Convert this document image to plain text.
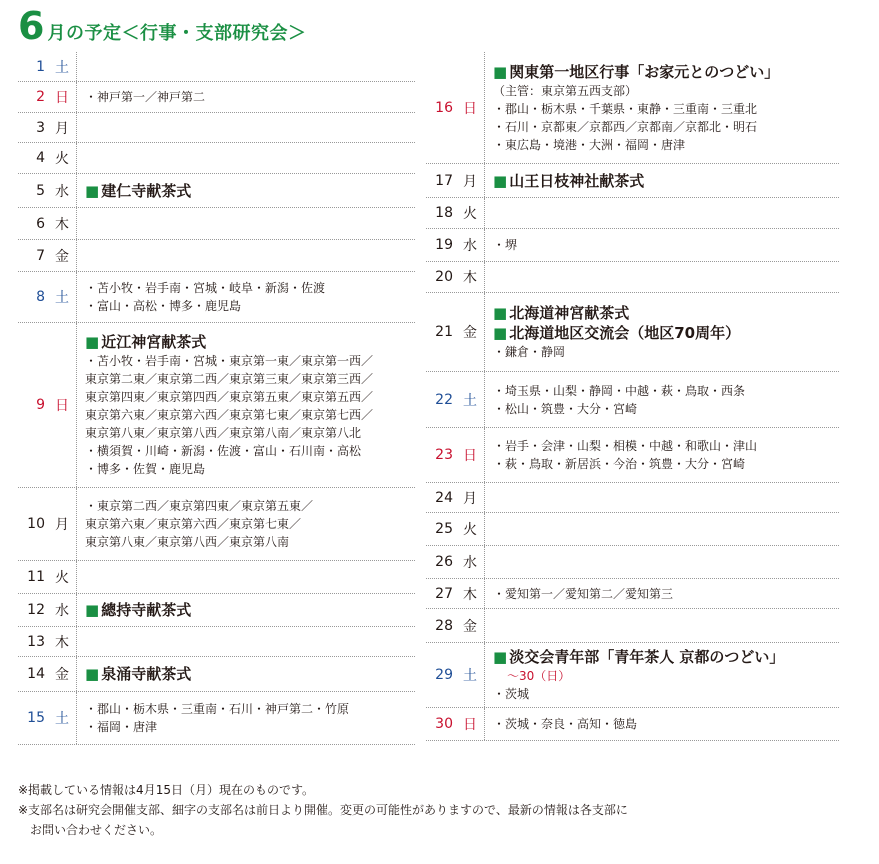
6 月の予定＜行事・支部研究会＞
1 土
2 日 ・神戸第一／神戸第二
3 月
4 火
5 水 ■ 建仁寺献茶式
6 木
7 金
8 土
・苫小牧・岩手南・宮城・岐阜・新潟・佐渡
・富山・高松・博多・鹿児島
9 日
■ 近江神宮献茶式
・苫小牧・岩手南・宮城・東京第一東／東京第一西／
東京第二東／東京第二西／東京第三東／東京第三西／
東京第四東／東京第四西／東京第五東／東京第五西／
東京第六東／東京第六西／東京第七東／東京第七西／
東京第八東／東京第八西／東京第八南／東京第八北
・横須賀・川崎・新潟・佐渡・富山・石川南・高松
・博多・佐賀・鹿児島
10 月
・東京第二西／東京第四東／東京第五東／
東京第六東／東京第六西／東京第七東／
東京第八東／東京第八西／東京第八南
11 火
12 水 ■ 總持寺献茶式
13 木
14 金 ■ 泉涌寺献茶式
15 土
・郡山・栃木県・三重南・石川・神戸第二・竹原
・福岡・唐津
16 日
■ 関東第一地区行事「お家元とのつどい」
（主管：東京第五西支部）
・郡山・栃木県・千葉県・東静・三重南・三重北
・石川・京都東／京都西／京都南／京都北・明石
・東広島・境港・大洲・福岡・唐津
17 月 ■ 山王日枝神社献茶式
18 火
19 水 ・堺
20 木
21 金
■ 北海道神宮献茶式
■ 北海道地区交流会（地区70周年）
・鎌倉・静岡
22 土
・埼玉県・山梨・静岡・中越・萩・鳥取・西条
・松山・筑豊・大分・宮崎
23 日
・岩手・会津・山梨・相模・中越・和歌山・津山
・萩・鳥取・新居浜・今治・筑豊・大分・宮崎
24 月
25 火
26 水
27 木 ・愛知第一／愛知第二／愛知第三
28 金
29 土
■ 淡交会青年部「青年茶人 京都のつどい」
～30（日）
・茨城
30 日 ・茨城・奈良・高知・徳島
※掲載している情報は4月15日（月）現在のものです。
※支部名は研究会開催支部、細字の支部名は前日より開催。変更の可能性がありますので、最新の情報は各支部に
　お問い合わせください。
